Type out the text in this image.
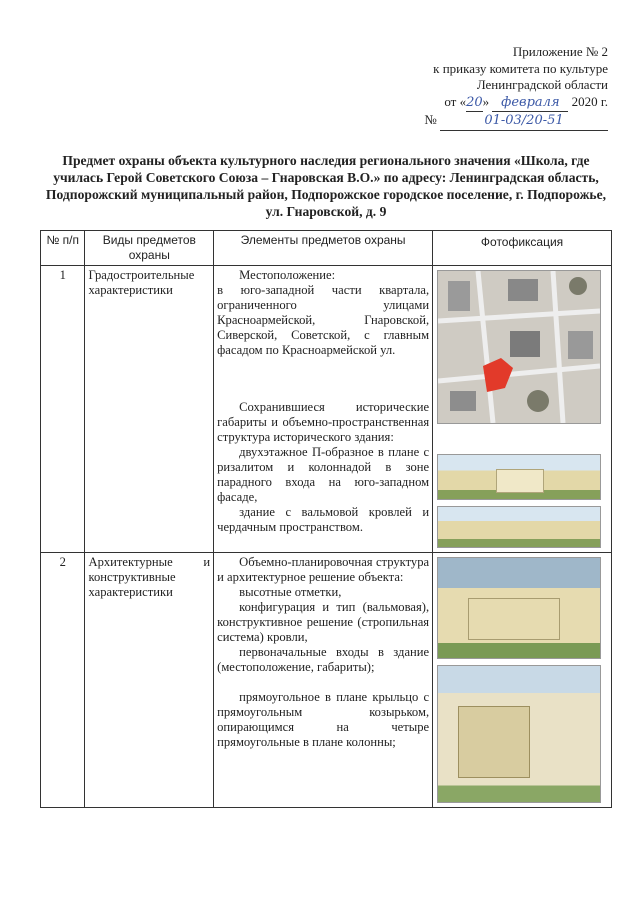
Приложение № 2
к приказу комитета по культуре
Ленинградской области
от «20» февраля 2020 г.
№	01-03/20-51
Предмет охраны объекта культурного наследия регионального значения «Школа, где училась Герой Советского Союза – Гнаровская В.О.» по адресу: Ленинградская область, Подпорожский муниципальный район, Подпорожское городское поселение, г. Подпорожье, ул. Гнаровской, д. 9
№ п/п	Виды предметов охраны	Элементы предметов охраны	Фотофиксация
1	Градостроительные характеристики	Местоположение:
в юго-западной части квартала, ограниченного улицами Красноармейской, Гнаровской, Сиверской, Советской, с главным фасадом по Красноармейской ул.
Сохранившиеся исторические габариты и объемно-пространственная структура исторического здания:
двухэтажное П-образное в плане с ризалитом и колоннадой в зоне парадного входа на юго-западном фасаде,
здание с вальмовой кровлей и чердачным пространством.

2	Архитектурные и конструктивные характеристики	Объемно-планировочная структура и архитектурное решение объекта:
высотные отметки,
конфигурация и тип (вальмовая), конструктивное решение (стропильная система) кровли,
первоначальные входы в здание (местоположение, габариты);
прямоугольное в плане крыльцо с прямоугольным козырьком, опирающимся на четыре прямоугольные в плане колонны;	
